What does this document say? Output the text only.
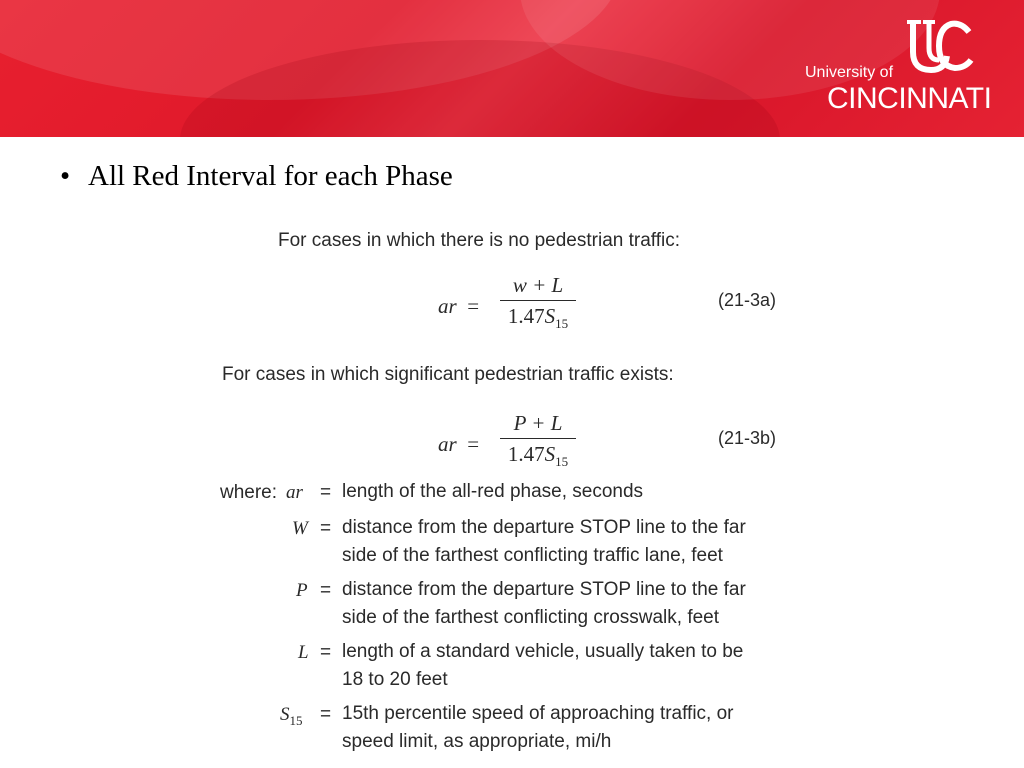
University of
CINCINNATI
• All Red Interval for each Phase
For cases in which there is no pedestrian traffic:
ar =
w + L
$1.47S_{15}$
(21-3a)
For cases in which significant pedestrian traffic exists:
ar =
P + L
$1.47S_{15}$
(21-3b)
where: ar = length of the all-red phase, seconds
W = distance from the departure STOP line to the far
side of the farthest conflicting traffic lane, feet
P = distance from the departure STOP line to the far
side of the farthest conflicting crosswalk, feet
L = length of a standard vehicle, usually taken to be
18 to 20 feet
$S_{15} = 15th$ percentile speed of approaching traffic, or
speed limit, as appropriate, mi/h
